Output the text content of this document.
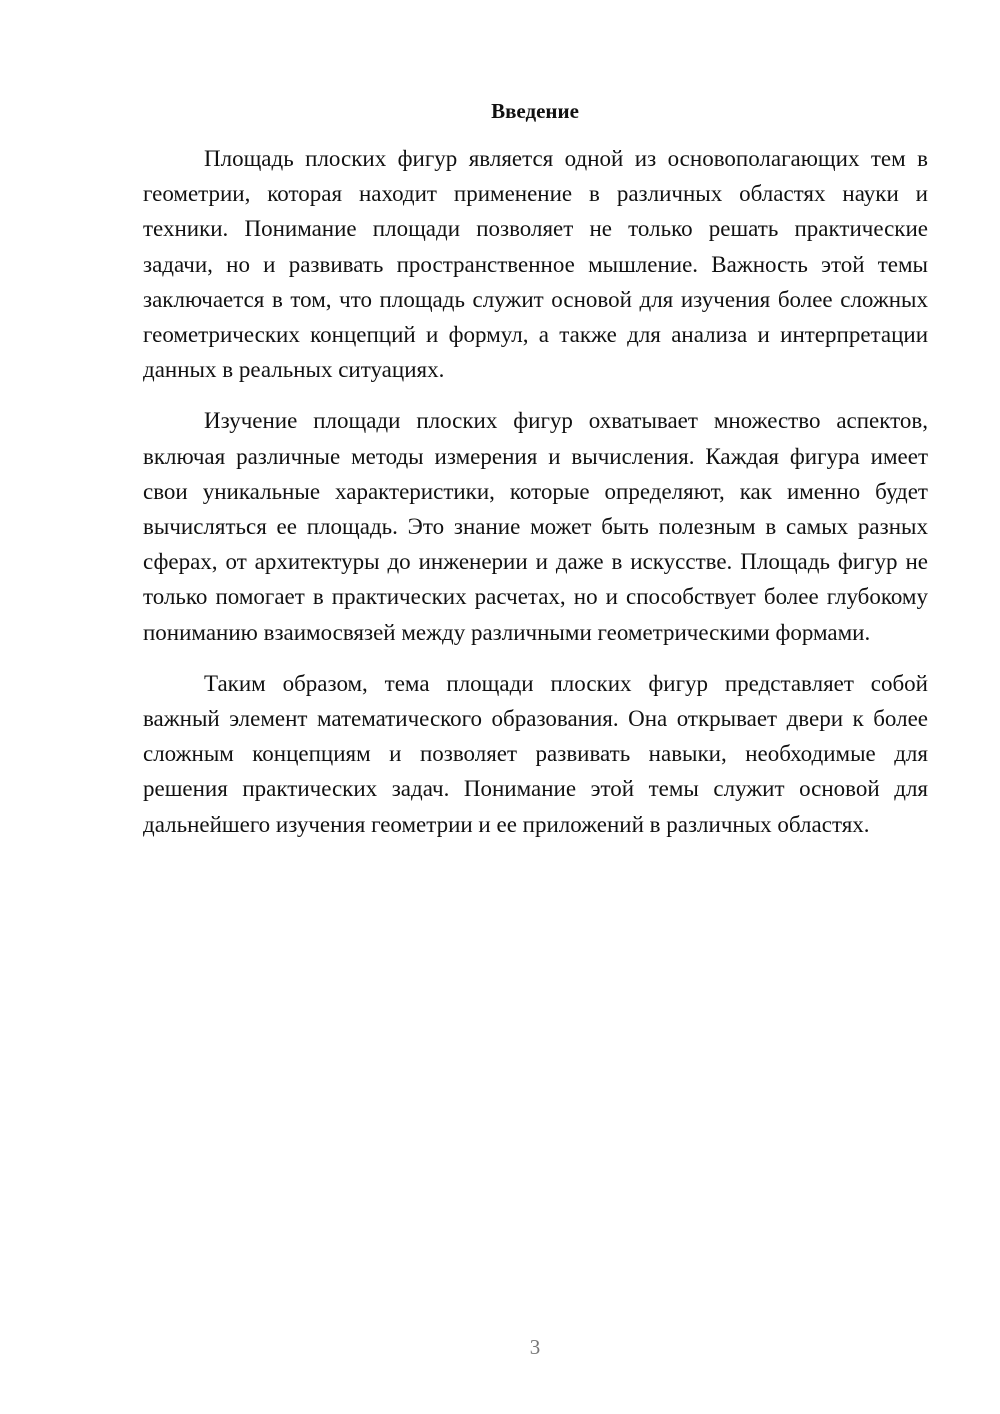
Введение

Площадь плоских фигур является одной из основополагающих тем в геометрии, которая находит применение в различных областях науки и техники. Понимание площади позволяет не только решать практические задачи, но и развивать пространственное мышление. Важность этой темы заключается в том, что площадь служит основой для изучения более сложных геометрических концепций и формул, а также для анализа и интерпретации данных в реальных ситуациях.

Изучение площади плоских фигур охватывает множество аспектов, включая различные методы измерения и вычисления. Каждая фигура имеет свои уникальные характеристики, которые определяют, как именно будет вычисляться ее площадь. Это знание может быть полезным в самых разных сферах, от архитектуры до инженерии и даже в искусстве. Площадь фигур не только помогает в практических расчетах, но и способствует более глубокому пониманию взаимосвязей между различными геометрическими формами.

Таким образом, тема площади плоских фигур представляет собой важный элемент математического образования. Она открывает двери к более сложным концепциям и позволяет развивать навыки, необходимые для решения практических задач. Понимание этой темы служит основой для дальнейшего изучения геометрии и ее приложений в различных областях.

3
